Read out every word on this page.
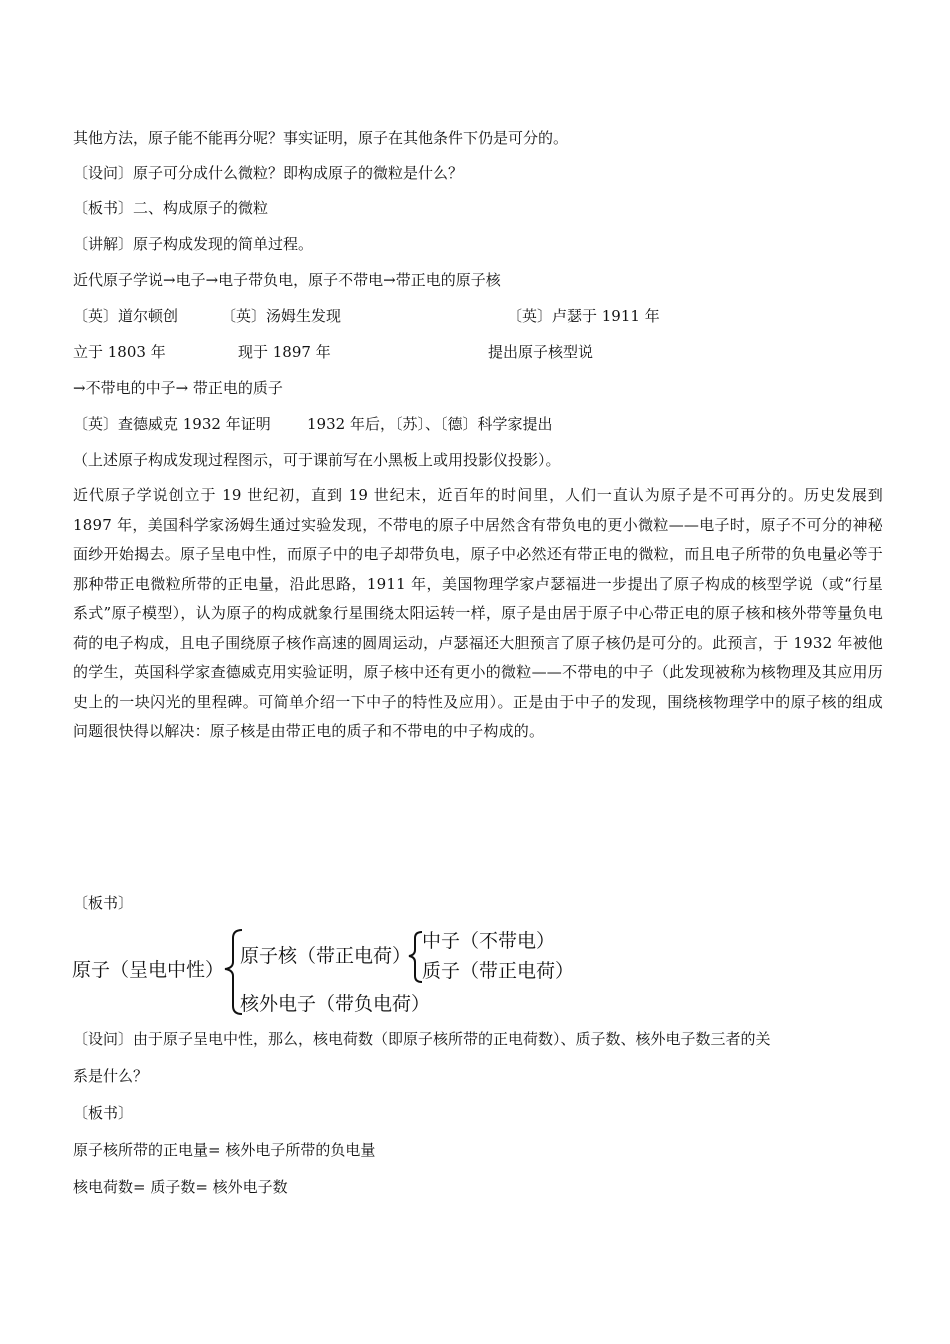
其他方法，原子能不能再分呢？事实证明，原子在其他条件下仍是可分的。
〔设问〕原子可分成什么微粒？即构成原子的微粒是什么？
〔板书〕二、构成原子的微粒
〔讲解〕原子构成发现的简单过程。
近代原子学说→电子→电子带负电，原子不带电→带正电的原子核
〔英〕道尔顿创	〔英〕汤姆生发现	〔英〕卢瑟于 1911 年
立于 1803 年	现于 1897 年	提出原子核型说
→不带电的中子→ 带正电的质子
〔英〕查德威克 1932 年证明 1932 年后，〔苏〕、〔德〕科学家提出
（上述原子构成发现过程图示，可于课前写在小黑板上或用投影仪投影）。
近代原子学说创立于 19 世纪初，直到 19 世纪末，近百年的时间里，人们一直认为原子是不可再分的。历史发展到 1897 年，美国科学家汤姆生通过实验发现，不带电的原子中居然含有带负电的更小微粒——电子时，原子不可分的神秘面纱开始揭去。原子呈电中性，而原子中的电子却带负电，原子中必然还有带正电的微粒，而且电子所带的负电量必等于那种带正电微粒所带的正电量，沿此思路，1911 年，美国物理学家卢瑟福进一步提出了原子构成的核型学说（或“行星系式”原子模型），认为原子的构成就象行星围绕太阳运转一样，原子是由居于原子中心带正电的原子核和核外带等量负电荷的电子构成，且电子围绕原子核作高速的圆周运动，卢瑟福还大胆预言了原子核仍是可分的。此预言，于 1932 年被他的学生，英国科学家查德威克用实验证明，原子核中还有更小的微粒——不带电的中子（此发现被称为核物理及其应用历史上的一块闪光的里程碑。可简单介绍一下中子的特性及应用）。正是由于中子的发现，围绕核物理学中的原子核的组成问题很快得以解决：原子核是由带正电的质子和不带电的中子构成的。
〔板书〕
原子（呈电中性）
原子核（带正电荷）
中子（不带电）
质子（带正电荷）
核外电子（带负电荷）
〔设问〕由于原子呈电中性，那么，核电荷数（即原子核所带的正电荷数）、质子数、核外电子数三者的关
系是什么？
〔板书〕
原子核所带的正电量= 核外电子所带的负电量
核电荷数= 质子数= 核外电子数
